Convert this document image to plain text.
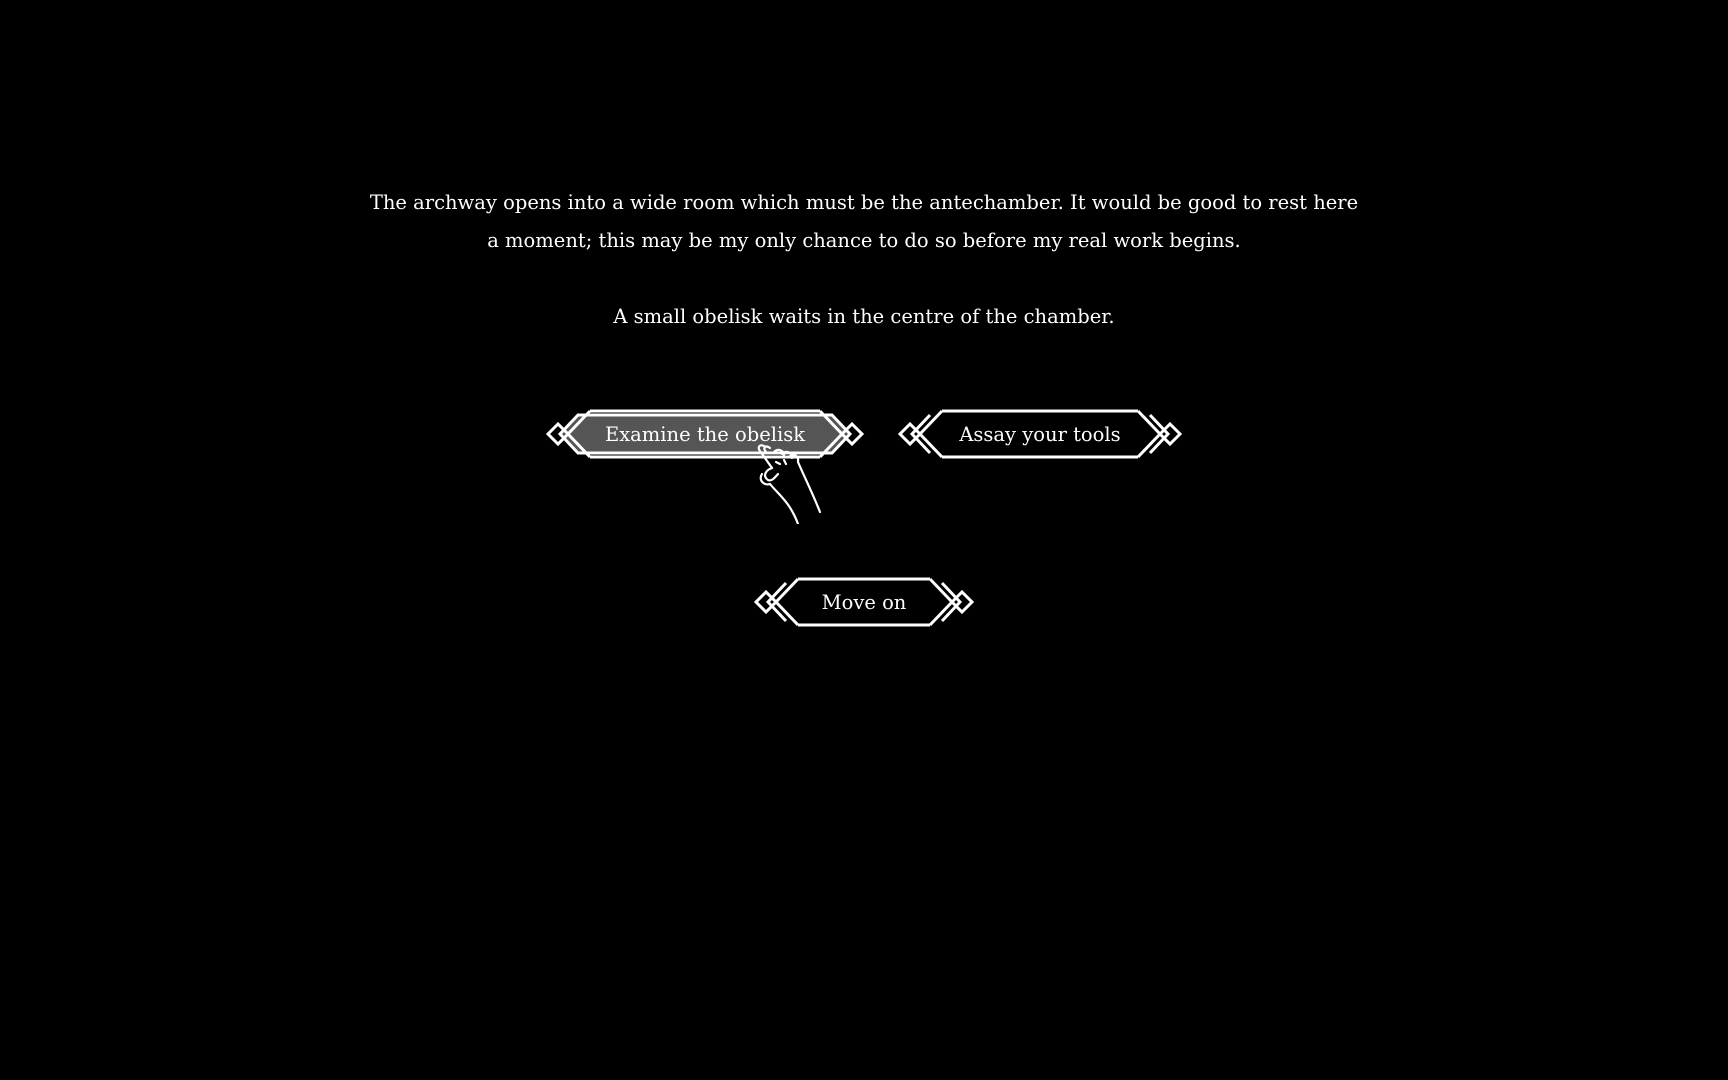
The archway opens into a wide room which must be the antechamber. It would be good to rest here
a moment; this may be my only chance to do so before my real work begins.

A small obelisk waits in the centre of the chamber.

Examine the obelisk	Assay your tools
Move on
